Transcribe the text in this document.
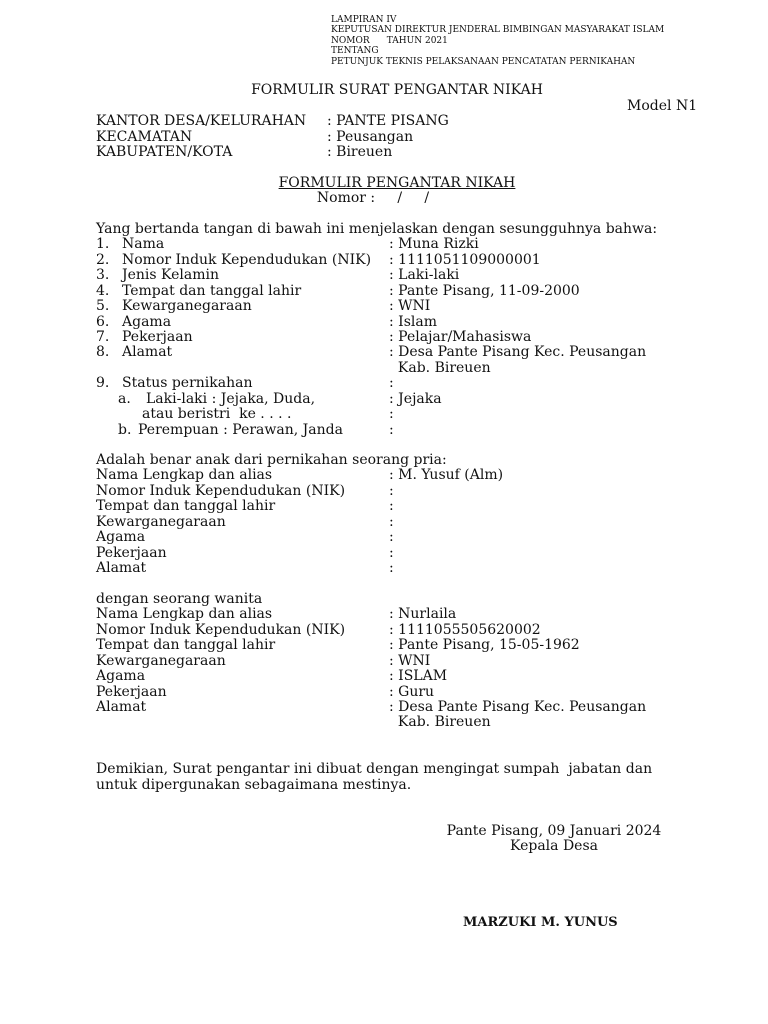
LAMPIRAN IV
KEPUTUSAN DIREKTUR JENDERAL BIMBINGAN MASYARAKAT ISLAM
NOMOR      TAHUN 2021
TENTANG
PETUNJUK TEKNIS PELAKSANAAN PENCATATAN PERNIKAHAN
FORMULIR SURAT PENGANTAR NIKAH
Model N1
KANTOR DESA/KELURAHAN : PANTE PISANG
KECAMATAN	: Peusangan
KABUPATEN/KOTA	: Bireuen
FORMULIR PENGANTAR NIKAH
Nomor :     /     /
Yang bertanda tangan di bawah ini menjelaskan dengan sesungguhnya bahwa:
1. Nama	: Muna Rizki
2. Nomor Induk Kependudukan (NIK) : 1111051109000001
3. Jenis Kelamin	: Laki-laki
4. Tempat dan tanggal lahir	: Pante Pisang, 11-09-2000
5. Kewarganegaraan	: WNI
6. Agama	: Islam
7. Pekerjaan	: Pelajar/Mahasiswa
8. Alamat	: Desa Pante Pisang Kec. Peusangan
Kab. Bireuen
9. Status pernikahan	:
a. Laki-laki : Jejaka, Duda,	: Jejaka
atau beristri  ke . . . .	:
b. Perempuan : Perawan, Janda	:
Adalah benar anak dari pernikahan seorang pria:
Nama Lengkap dan alias	: M. Yusuf (Alm)
Nomor Induk Kependudukan (NIK)	:
Tempat dan tanggal lahir	:
Kewarganegaraan	:
Agama	:
Pekerjaan	:
Alamat	:
dengan seorang wanita
Nama Lengkap dan alias	: Nurlaila
Nomor Induk Kependudukan (NIK)	: 1111055505620002
Tempat dan tanggal lahir	: Pante Pisang, 15-05-1962
Kewarganegaraan	: WNI
Agama	: ISLAM
Pekerjaan	: Guru
Alamat	: Desa Pante Pisang Kec. Peusangan
Kab. Bireuen
Demikian, Surat pengantar ini dibuat dengan mengingat sumpah  jabatan dan
untuk dipergunakan sebagaimana mestinya.
Pante Pisang, 09 Januari 2024
Kepala Desa
MARZUKI M. YUNUS
